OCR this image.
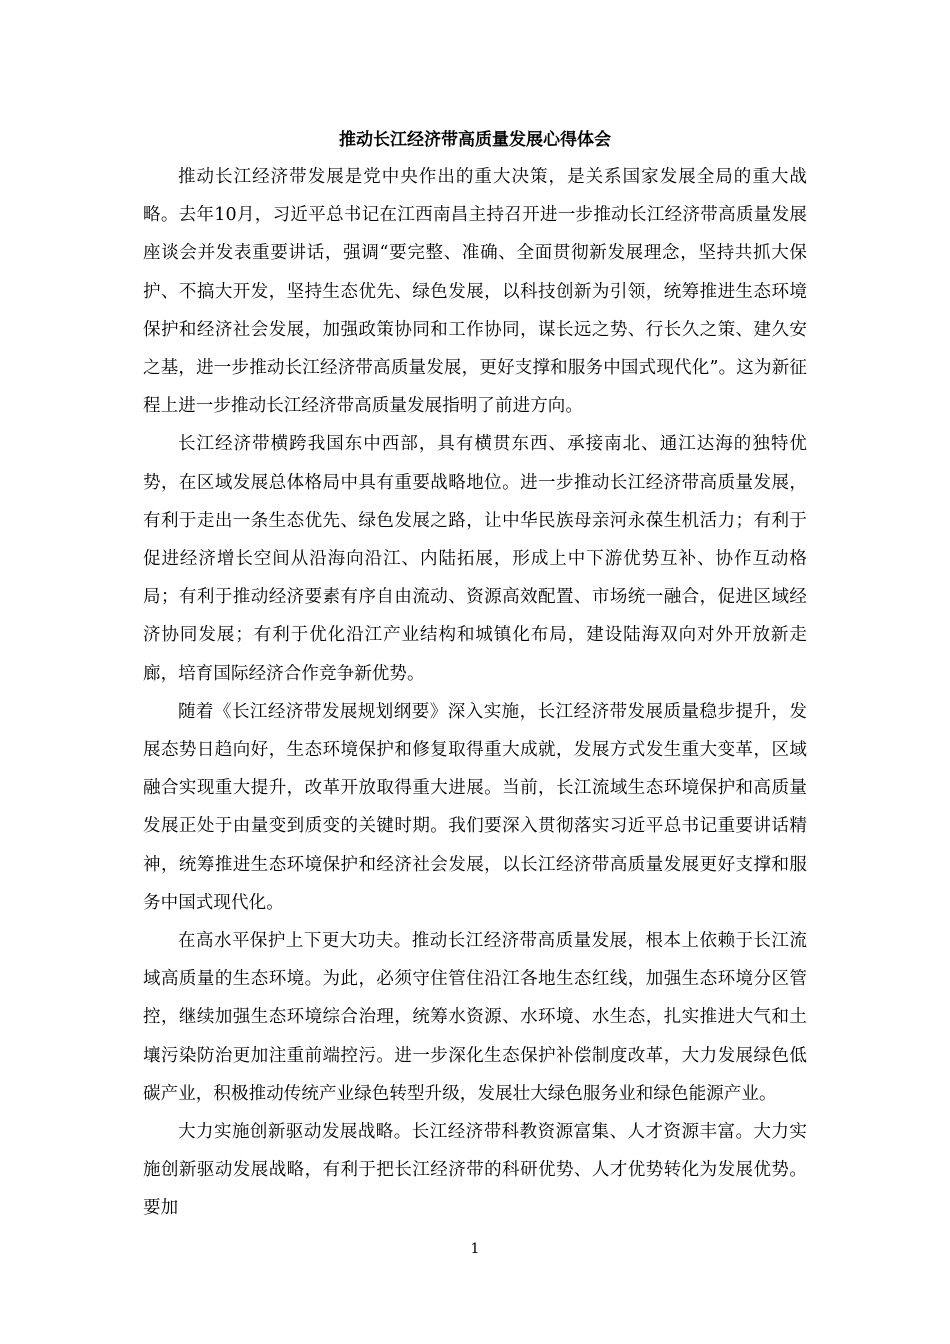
推动长江经济带高质量发展心得体会

推动长江经济带发展是党中央作出的重大决策，是关系国家发展全局的重大战略。去年10月，习近平总书记在江西南昌主持召开进一步推动长江经济带高质量发展座谈会并发表重要讲话，强调“要完整、准确、全面贯彻新发展理念，坚持共抓大保护、不搞大开发，坚持生态优先、绿色发展，以科技创新为引领，统筹推进生态环境保护和经济社会发展，加强政策协同和工作协同，谋长远之势、行长久之策、建久安之基，进一步推动长江经济带高质量发展，更好支撑和服务中国式现代化”。这为新征程上进一步推动长江经济带高质量发展指明了前进方向。

长江经济带横跨我国东中西部，具有横贯东西、承接南北、通江达海的独特优势，在区域发展总体格局中具有重要战略地位。进一步推动长江经济带高质量发展，有利于走出一条生态优先、绿色发展之路，让中华民族母亲河永葆生机活力；有利于促进经济增长空间从沿海向沿江、内陆拓展，形成上中下游优势互补、协作互动格局；有利于推动经济要素有序自由流动、资源高效配置、市场统一融合，促进区域经济协同发展；有利于优化沿江产业结构和城镇化布局，建设陆海双向对外开放新走廊，培育国际经济合作竞争新优势。

随着《长江经济带发展规划纲要》深入实施，长江经济带发展质量稳步提升，发展态势日趋向好，生态环境保护和修复取得重大成就，发展方式发生重大变革，区域融合实现重大提升，改革开放取得重大进展。当前，长江流域生态环境保护和高质量发展正处于由量变到质变的关键时期。我们要深入贯彻落实习近平总书记重要讲话精神，统筹推进生态环境保护和经济社会发展，以长江经济带高质量发展更好支撑和服务中国式现代化。

在高水平保护上下更大功夫。推动长江经济带高质量发展，根本上依赖于长江流域高质量的生态环境。为此，必须守住管住沿江各地生态红线，加强生态环境分区管控，继续加强生态环境综合治理，统筹水资源、水环境、水生态，扎实推进大气和土壤污染防治更加注重前端控污。进一步深化生态保护补偿制度改革，大力发展绿色低碳产业，积极推动传统产业绿色转型升级，发展壮大绿色服务业和绿色能源产业。

大力实施创新驱动发展战略。长江经济带科教资源富集、人才资源丰富。大力实施创新驱动发展战略，有利于把长江经济带的科研优势、人才优势转化为发展优势。要加

1
